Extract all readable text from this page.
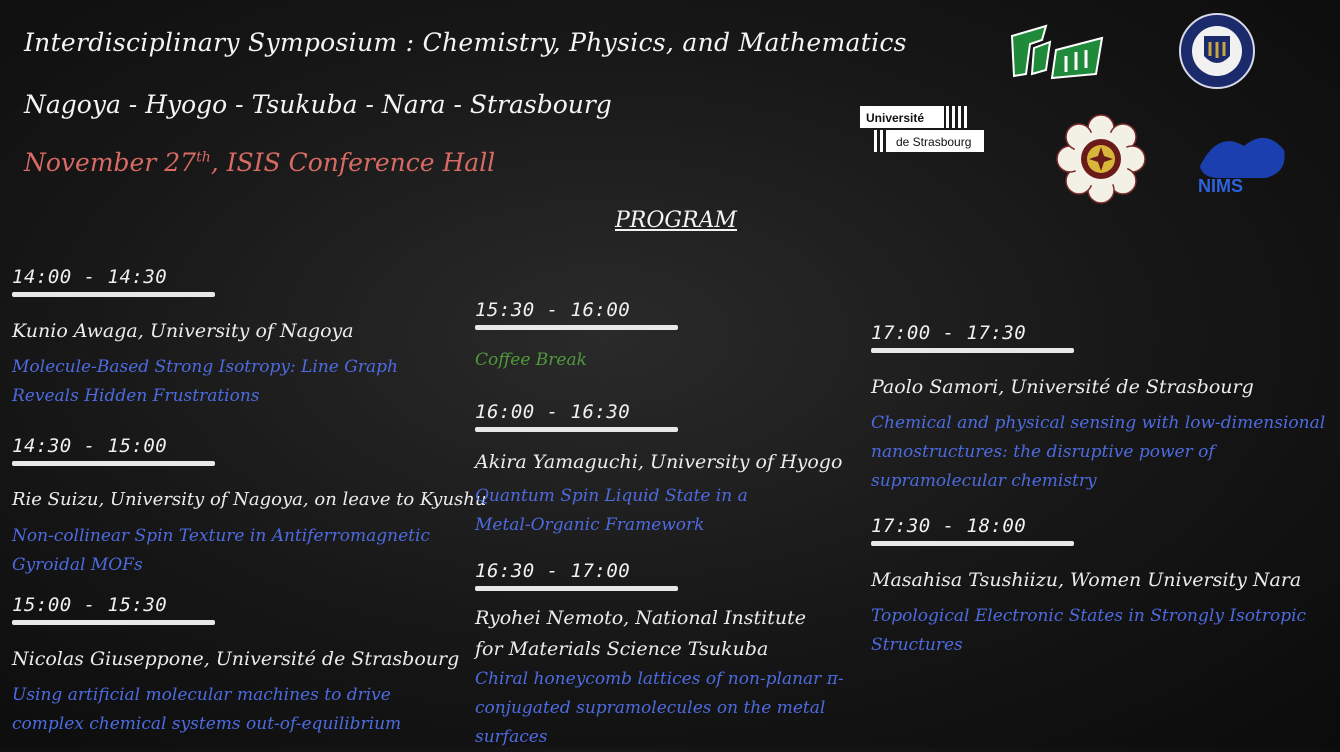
Interdisciplinary Symposium : Chemistry, Physics, and Mathematics
Nagoya - Hyogo - Tsukuba - Nara - Strasbourg
November 27th, ISIS Conference Hall
PROGRAM
Université
de Strasbourg
NIMS
14:00 - 14:30
Kunio Awaga, University of Nagoya
Molecule-Based Strong Isotropy: Line Graph Reveals Hidden Frustrations
14:30 - 15:00
Rie Suizu, University of Nagoya, on leave to Kyushu
Non-collinear Spin Texture in Antiferromagnetic Gyroidal MOFs
15:00 - 15:30
Nicolas Giuseppone, Université de Strasbourg
Using artificial molecular machines to drive complex chemical systems out-of-equilibrium
15:30 - 16:00
Coffee Break
16:00 - 16:30
Akira Yamaguchi, University of Hyogo
Quantum Spin Liquid State in a Metal-Organic Framework
16:30 - 17:00
Ryohei Nemoto, National Institute for Materials Science Tsukuba
Chiral honeycomb lattices of non-planar π-conjugated supramolecules on the metal surfaces
17:00 - 17:30
Paolo Samori, Université de Strasbourg
Chemical and physical sensing with low-dimensional nanostructures: the disruptive power of supramolecular chemistry
17:30 - 18:00
Masahisa Tsushiizu, Women University Nara
Topological Electronic States in Strongly Isotropic Structures
